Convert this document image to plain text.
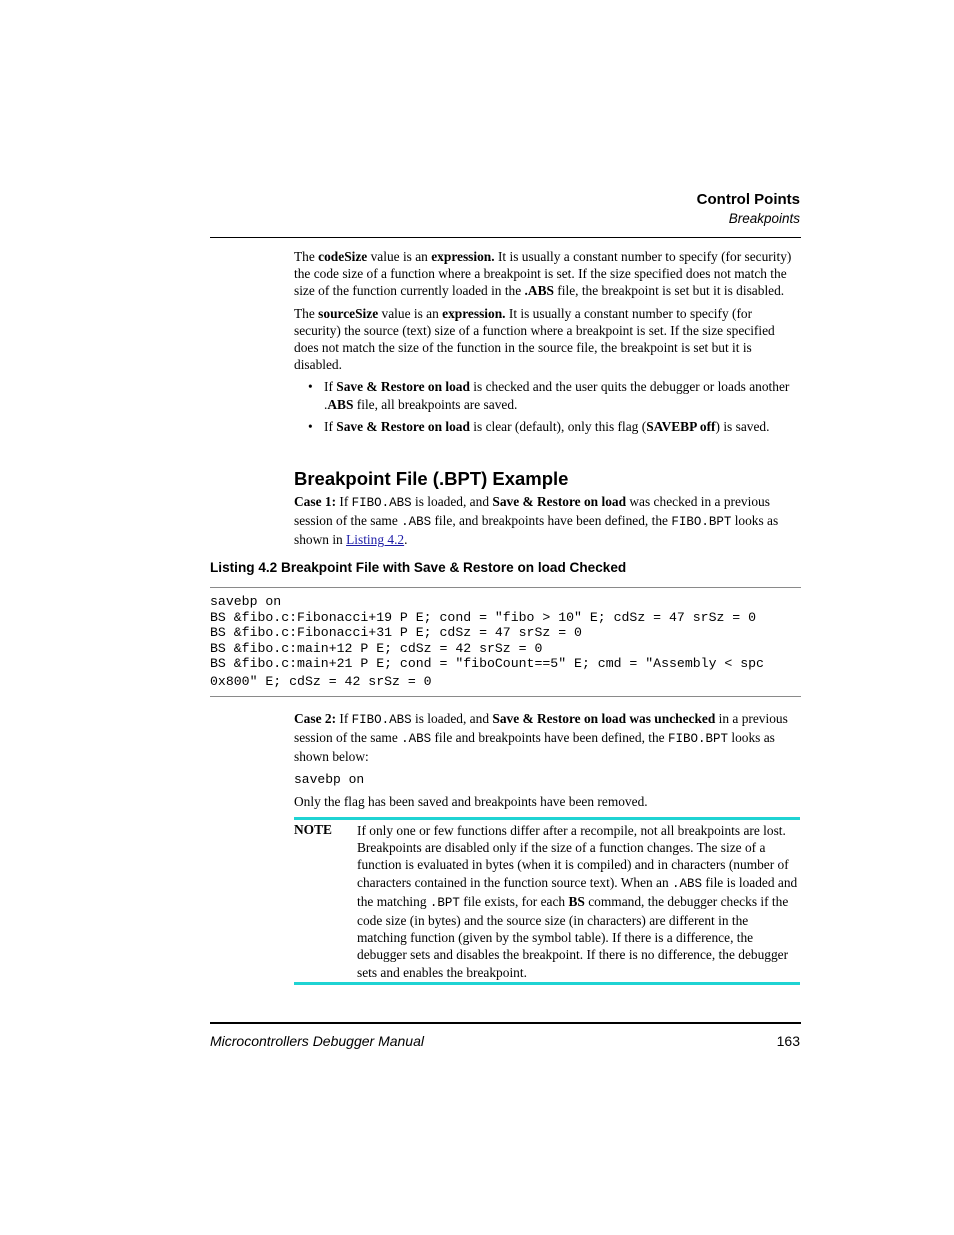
Control Points
Breakpoints

The codeSize value is an expression. It is usually a constant number to specify (for security) the code size of a function where a breakpoint is set. If the size specified does not match the size of the function currently loaded in the .ABS file, the breakpoint is set but it is disabled.

The sourceSize value is an expression. It is usually a constant number to specify (for security) the source (text) size of a function where a breakpoint is set. If the size specified does not match the size of the function in the source file, the breakpoint is set but it is disabled.

• If Save & Restore on load is checked and the user quits the debugger or loads another .ABS file, all breakpoints are saved.
• If Save & Restore on load is clear (default), only this flag (SAVEBP off) is saved.
Breakpoint File (.BPT) Example

Case 1: If FIBO.ABS is loaded, and Save & Restore on load was checked in a previous session of the same .ABS file, and breakpoints have been defined, the FIBO.BPT looks as shown in Listing 4.2.

Listing 4.2 Breakpoint File with Save & Restore on load Checked
savebp on
BS &fibo.c:Fibonacci+19 P E; cond = "fibo > 10" E; cdSz = 47 srSz = 0
BS &fibo.c:Fibonacci+31 P E; cdSz = 47 srSz = 0
BS &fibo.c:main+12 P E; cdSz = 42 srSz = 0
BS &fibo.c:main+21 P E; cond = "fiboCount==5" E; cmd = "Assembly < spc
0x800" E; cdSz = 42 srSz = 0

Case 2: If FIBO.ABS is loaded, and Save & Restore on load was unchecked in a previous session of the same .ABS file and breakpoints have been defined, the FIBO.BPT looks as shown below:

savebp on

Only the flag has been saved and breakpoints have been removed.

NOTE If only one or few functions differ after a recompile, not all breakpoints are lost. Breakpoints are disabled only if the size of a function changes. The size of a function is evaluated in bytes (when it is compiled) and in characters (number of characters contained in the function source text). When an .ABS file is loaded and the matching .BPT file exists, for each BS command, the debugger checks if the code size (in bytes) and the source size (in characters) are different in the matching function (given by the symbol table). If there is a difference, the debugger sets and disables the breakpoint. If there is no difference, the debugger sets and enables the breakpoint.
Microcontrollers Debugger Manual	163
